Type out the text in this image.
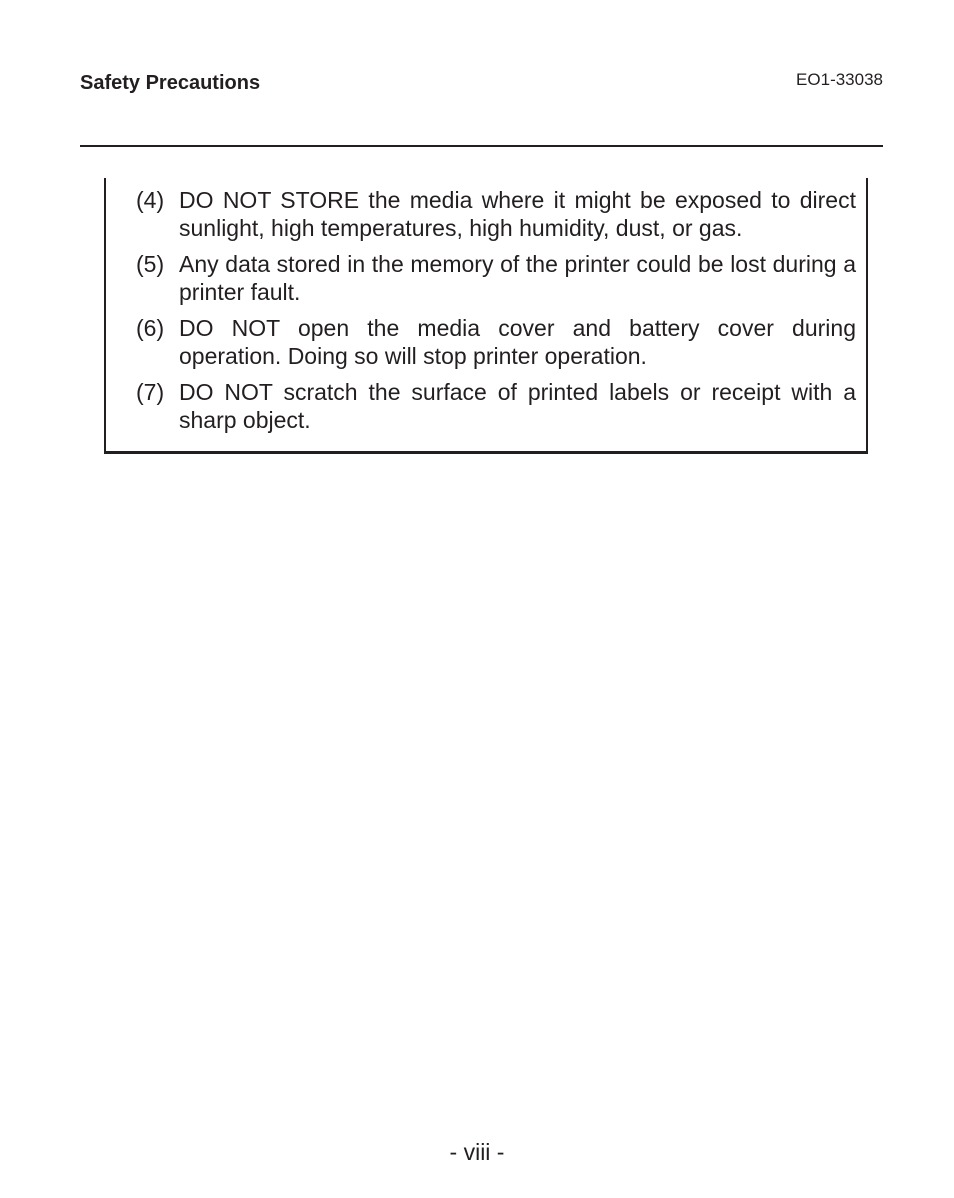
Safety Precautions	EO1-33038
(4) DO NOT STORE the media where it might be exposed to direct sunlight, high temperatures, high humidity, dust, or gas.
(5) Any data stored in the memory of the printer could be lost during a printer fault.
(6) DO NOT open the media cover and battery cover during operation. Doing so will stop printer operation.
(7) DO NOT scratch the surface of printed labels or receipt with a sharp object.
- viii -
